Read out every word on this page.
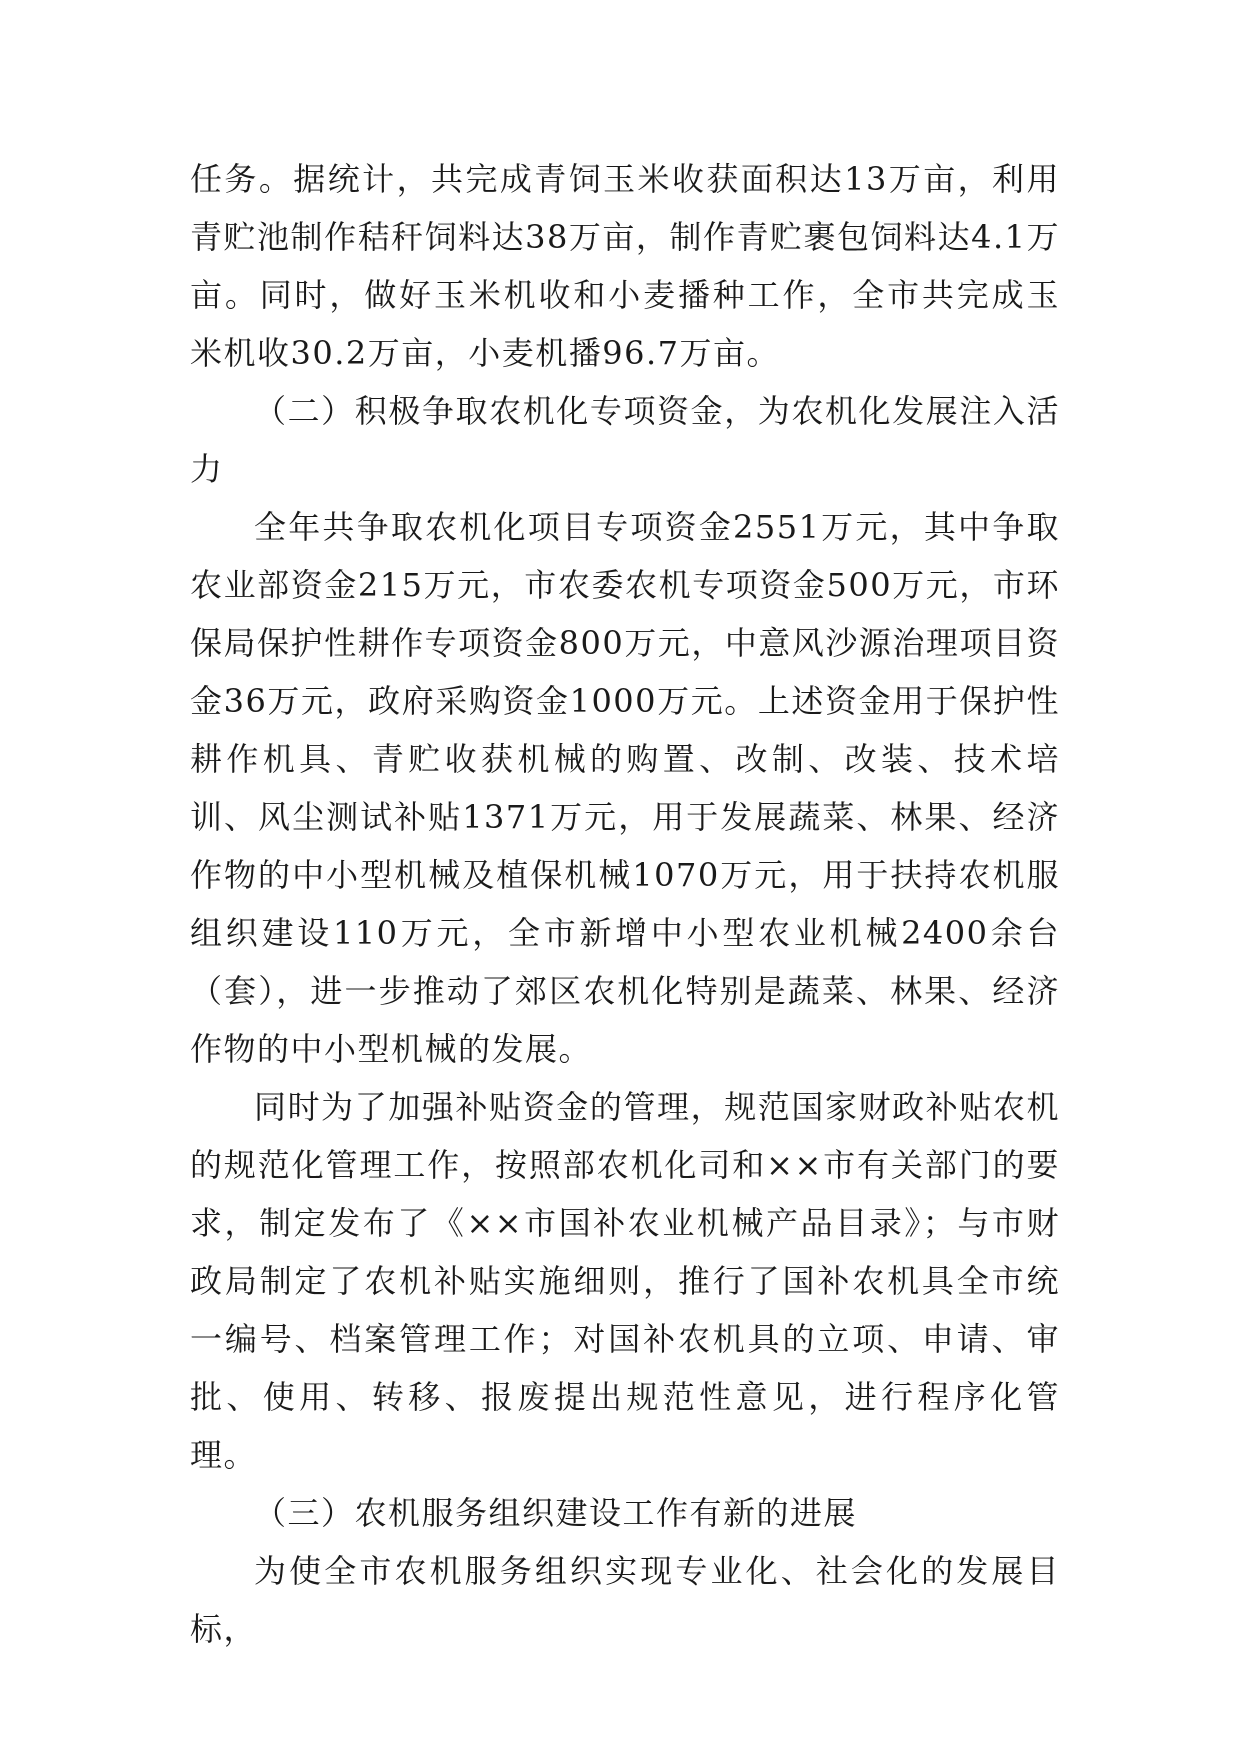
任务。据统计，共完成青饲玉米收获面积达13万亩，利用青贮池制作秸秆饲料达38万亩，制作青贮裹包饲料达4.1万亩。同时，做好玉米机收和小麦播种工作，全市共完成玉米机收30.2万亩，小麦机播96.7万亩。

（二）积极争取农机化专项资金，为农机化发展注入活力

全年共争取农机化项目专项资金2551万元，其中争取农业部资金215万元，市农委农机专项资金500万元，市环保局保护性耕作专项资金800万元，中意风沙源治理项目资金36万元，政府采购资金1000万元。上述资金用于保护性耕作机具、青贮收获机械的购置、改制、改装、技术培训、风尘测试补贴1371万元，用于发展蔬菜、林果、经济作物的中小型机械及植保机械1070万元，用于扶持农机服组织建设110万元，全市新增中小型农业机械2400余台（套），进一步推动了郊区农机化特别是蔬菜、林果、经济作物的中小型机械的发展。

同时为了加强补贴资金的管理，规范国家财政补贴农机的规范化管理工作，按照部农机化司和××市有关部门的要求，制定发布了《××市国补农业机械产品目录》；与市财政局制定了农机补贴实施细则，推行了国补农机具全市统一编号、档案管理工作；对国补农机具的立项、申请、审批、使用、转移、报废提出规范性意见，进行程序化管理。

（三）农机服务组织建设工作有新的进展

为使全市农机服务组织实现专业化、社会化的发展目标，
